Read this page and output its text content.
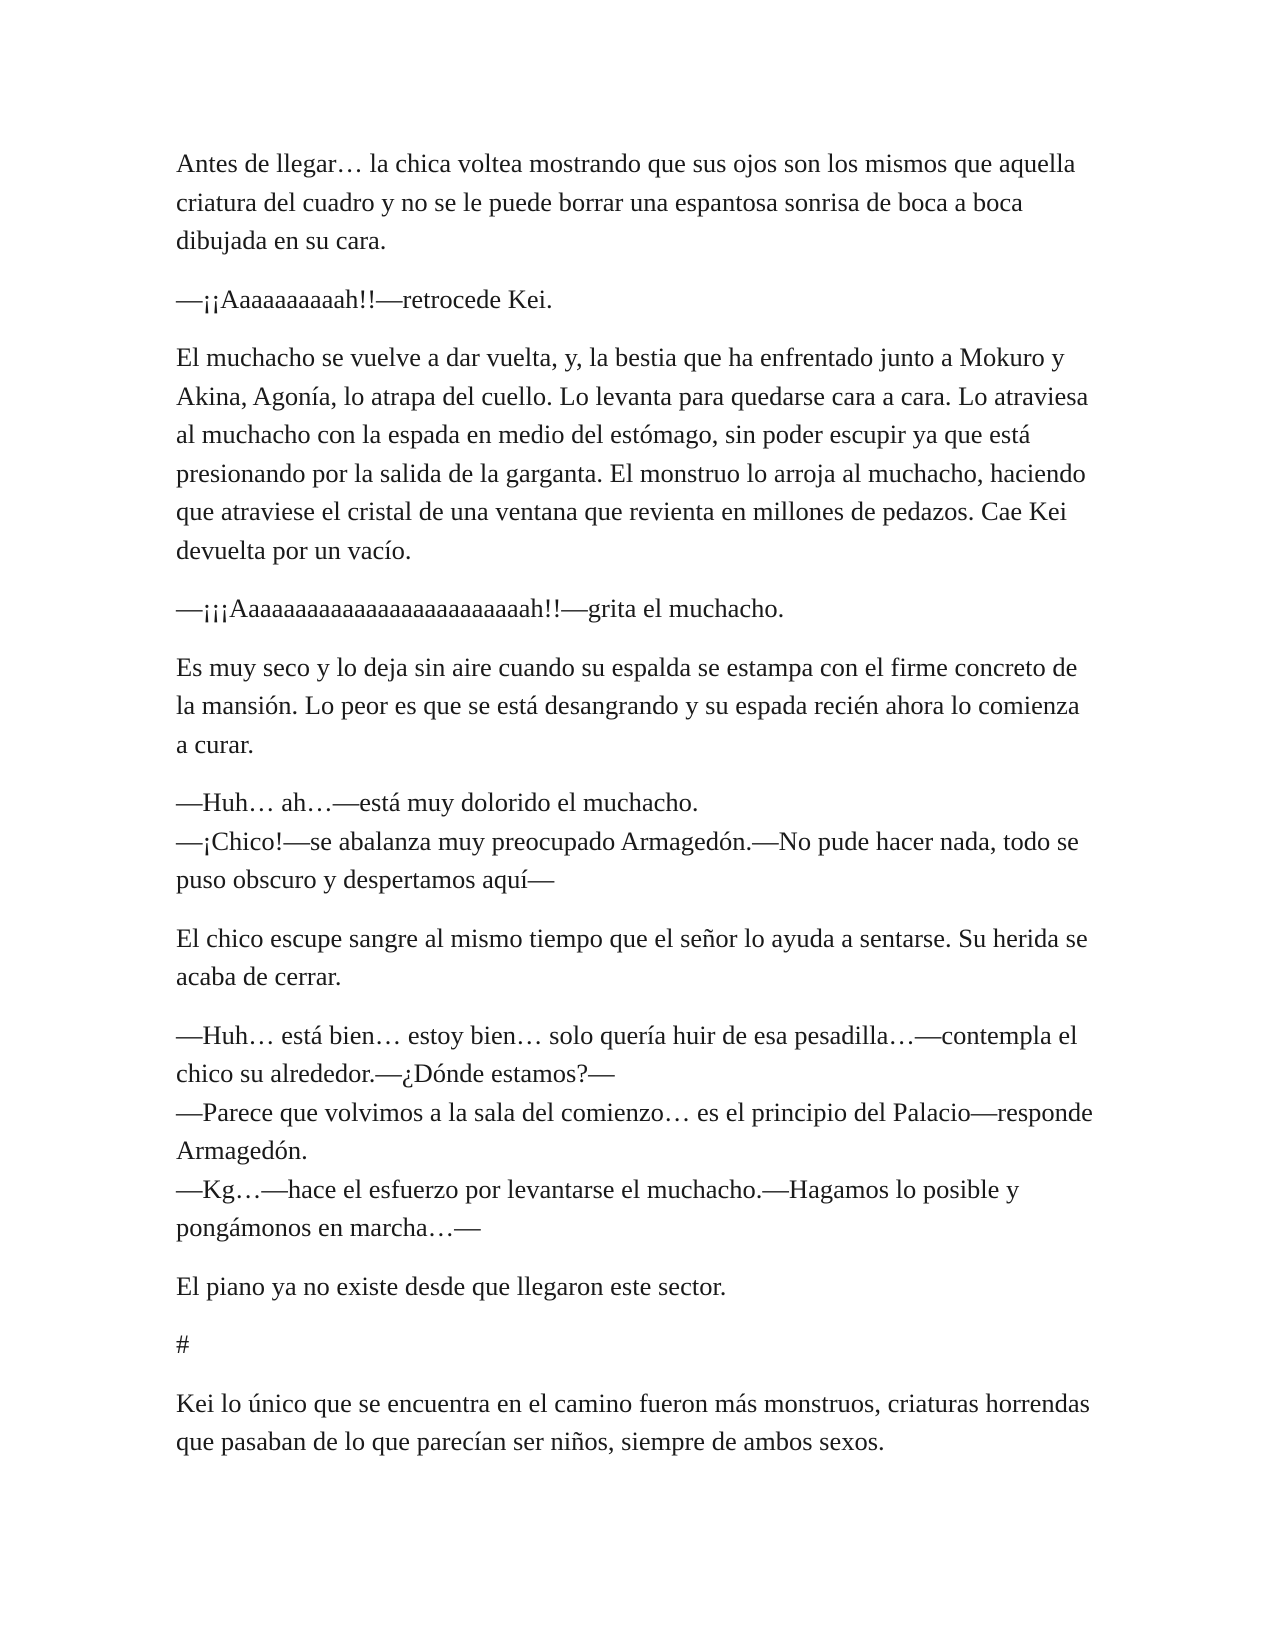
Antes de llegar… la chica voltea mostrando que sus ojos son los mismos que aquella criatura del cuadro y no se le puede borrar una espantosa sonrisa de boca a boca dibujada en su cara.

—¡¡Aaaaaaaaaah!!—retrocede Kei.

El muchacho se vuelve a dar vuelta, y, la bestia que ha enfrentado junto a Mokuro y Akina, Agonía, lo atrapa del cuello. Lo levanta para quedarse cara a cara. Lo atraviesa al muchacho con la espada en medio del estómago, sin poder escupir ya que está presionando por la salida de la garganta. El monstruo lo arroja al muchacho, haciendo que atraviese el cristal de una ventana que revienta en millones de pedazos. Cae Kei devuelta por un vacío.

—¡¡¡Aaaaaaaaaaaaaaaaaaaaaaaaah!!—grita el muchacho.

Es muy seco y lo deja sin aire cuando su espalda se estampa con el firme concreto de la mansión. Lo peor es que se está desangrando y su espada recién ahora lo comienza a curar.

—Huh… ah…—está muy dolorido el muchacho.

—¡Chico!—se abalanza muy preocupado Armagedón.—No pude hacer nada, todo se puso obscuro y despertamos aquí—

El chico escupe sangre al mismo tiempo que el señor lo ayuda a sentarse. Su herida se acaba de cerrar.

—Huh… está bien… estoy bien… solo quería huir de esa pesadilla…—contempla el chico su alrededor.—¿Dónde estamos?—

—Parece que volvimos a la sala del comienzo… es el principio del Palacio—responde Armagedón.

—Kg…—hace el esfuerzo por levantarse el muchacho.—Hagamos lo posible y pongámonos en marcha…—

El piano ya no existe desde que llegaron este sector.

#

Kei lo único que se encuentra en el camino fueron más monstruos, criaturas horrendas que pasaban de lo que parecían ser niños, siempre de ambos sexos.
